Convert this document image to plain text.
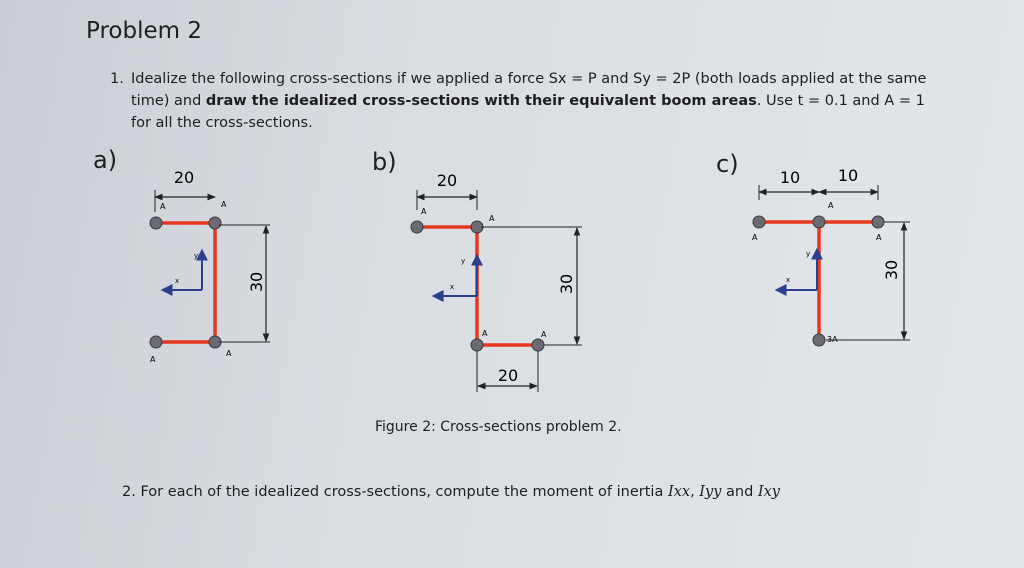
Problem 2
1. Idealize the following cross-sections if we applied a force Sx = P and Sy = 2P (both loads applied at the same time) and draw the idealized cross-sections with their equivalent boom areas. Use t = 0.1 and A = 1 for all the cross-sections.
a)	b)	c)
20
A	A
A
A
y
x	30
20
A
A
A	A
y
x	30
20
10 10
A
A
A
3A
y
x	30
Figure 2: Cross-sections problem 2.
2. For each of the idealized cross-sections, compute the moment of inertia Ixx, Iyy and Ixy
